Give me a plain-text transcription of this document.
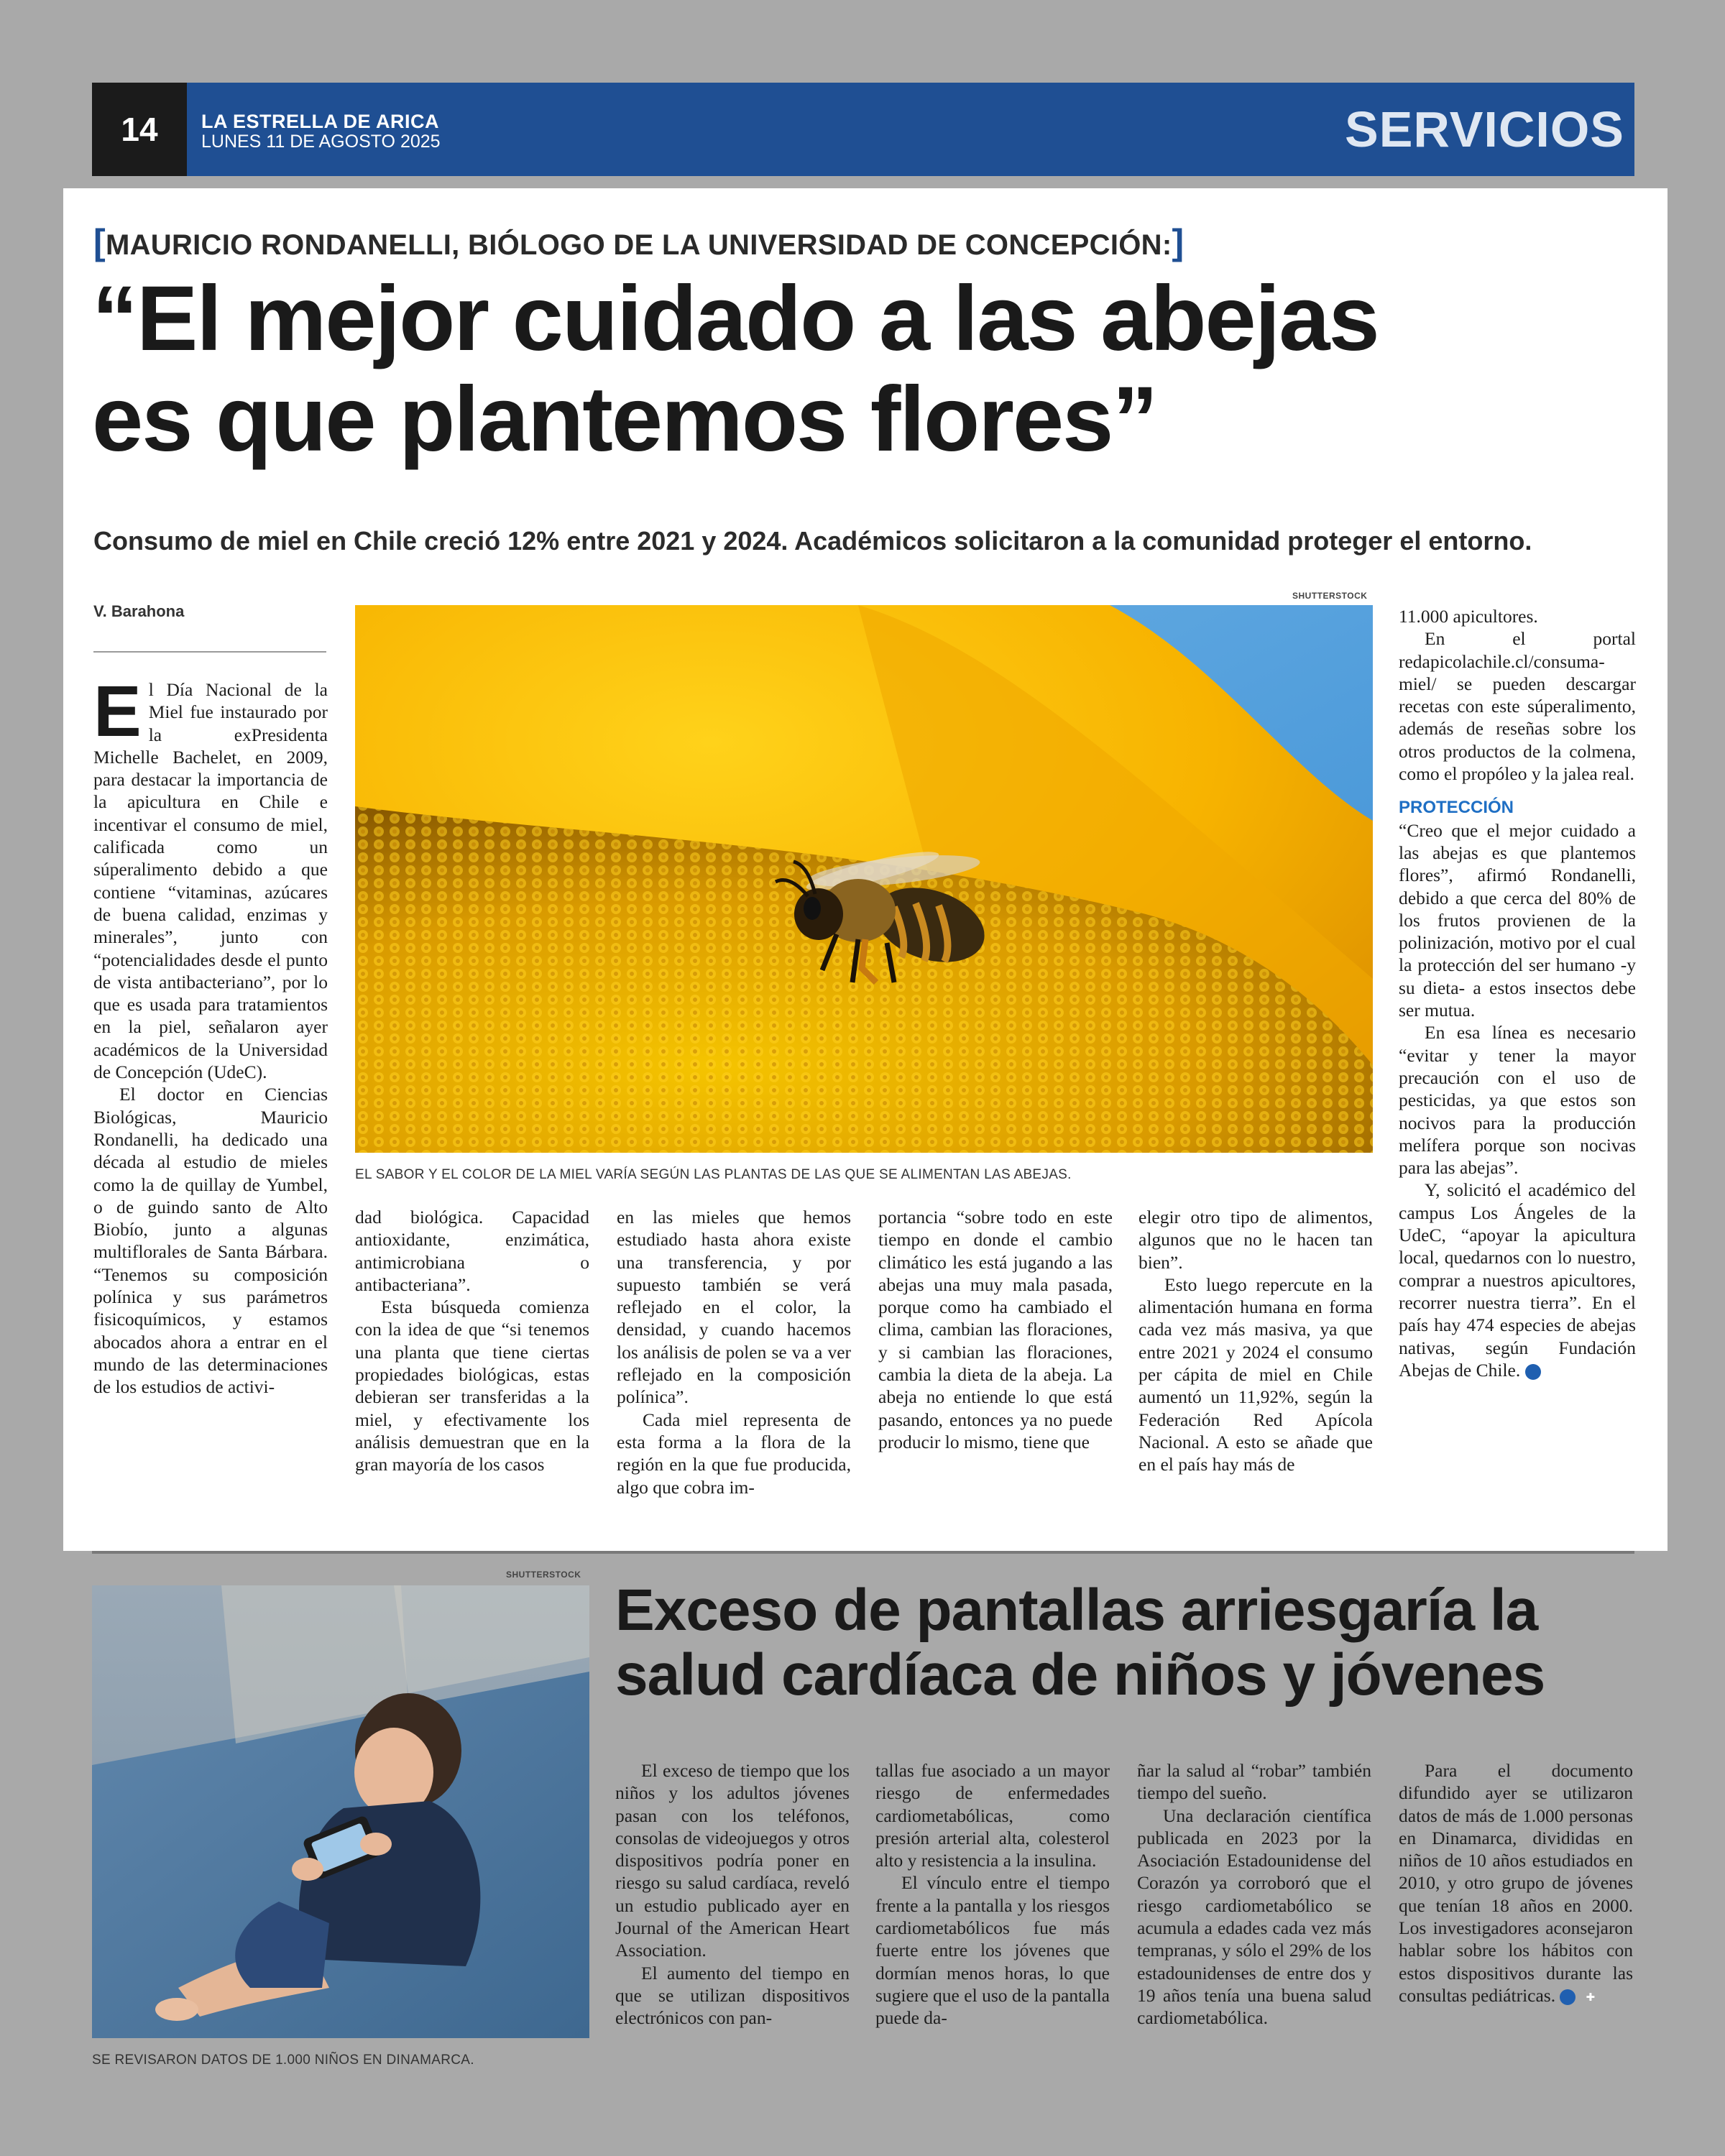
14	LA ESTRELLA DE ARICA
LUNES 11 DE AGOSTO 2025	SERVICIOS
[MAURICIO RONDANELLI, BIÓLOGO DE LA UNIVERSIDAD DE CONCEPCIÓN:]
“El mejor cuidado a las abejas
es que plantemos flores”
Consumo de miel en Chile creció 12% entre 2021 y 2024. Académicos solicitaron a la comunidad proteger el entorno.
V. Barahona
SHUTTERSTOCK
EL SABOR Y EL COLOR DE LA MIEL VARÍA SEGÚN LAS PLANTAS DE LAS QUE SE ALIMENTAN LAS ABEJAS.

El Día Nacional de la Miel fue instaurado por la exPresidenta Michelle Bachelet, en 2009, para destacar la importancia de la apicultura en Chile e incentivar el consumo de miel, calificada como un súperalimento debido a que contiene “vitaminas, azúcares de buena calidad, enzimas y minerales”, junto con “potencialidades desde el punto de vista antibacteriano”, por lo que es usada para tratamientos en la piel, señalaron ayer académicos de la Universidad de Concepción (UdeC).

El doctor en Ciencias Biológicas, Mauricio Rondanelli, ha dedicado una década al estudio de mieles como la de quillay de Yumbel, o de guindo santo de Alto Biobío, junto a algunas multiflorales de Santa Bárbara. “Tenemos su composición polínica y sus parámetros fisicoquímicos, y estamos abocados ahora a entrar en el mundo de las determinaciones de los estudios de activi-

dad biológica. Capacidad antioxidante, enzimática, antimicrobiana o antibacteriana”.

Esta búsqueda comienza con la idea de que “si tenemos una planta que tiene ciertas propiedades biológicas, estas debieran ser transferidas a la miel, y efectivamente los análisis demuestran que en la gran mayoría de los casos

en las mieles que hemos estudiado hasta ahora existe una transferencia, y por supuesto también se verá reflejado en el color, la densidad, y cuando hacemos los análisis de polen se va a ver reflejado en la composición polínica”.

Cada miel representa de esta forma a la flora de la región en la que fue producida, algo que cobra im-

portancia “sobre todo en este tiempo en donde el cambio climático les está jugando a las abejas una muy mala pasada, porque como ha cambiado el clima, cambian las floraciones, y si cambian las floraciones, cambia la dieta de la abeja. La abeja no entiende lo que está pasando, entonces ya no puede producir lo mismo, tiene que

elegir otro tipo de alimentos, algunos que no le hacen tan bien”.

Esto luego repercute en la alimentación humana en forma cada vez más masiva, ya que entre 2021 y 2024 el consumo per cápita de miel en Chile aumentó un 11,92%, según la Federación Red Apícola Nacional. A esto se añade que en el país hay más de

11.000 apicultores.

En el portal redapicolachile.cl/consuma-miel/ se pueden descargar recetas con este súperalimento, además de reseñas sobre los otros productos de la colmena, como el propóleo y la jalea real.

PROTECCIÓN

“Creo que el mejor cuidado a las abejas es que plantemos flores”, afirmó Rondanelli, debido a que cerca del 80% de los frutos provienen de la polinización, motivo por el cual la protección del ser humano -y su dieta- a estos insectos debe ser mutua.

En esa línea es necesario “evitar y tener la mayor precaución con el uso de pesticidas, ya que estos son nocivos para la producción melífera porque son nocivas para las abejas”.

Y, solicitó el académico del campus Los Ángeles de la UdeC, “apoyar la apicultura local, quedarnos con lo nuestro, comprar a nuestros apicultores, recorrer nuestra tierra”. En el país hay 474 especies de abejas nativas, según Fundación Abejas de Chile.	✚

SHUTTERSTOCK
SE REVISARON DATOS DE 1.000 NIÑOS EN DINAMARCA.
Exceso de pantallas arriesgaría la
salud cardíaca de niños y jóvenes

El exceso de tiempo que los niños y los adultos jóvenes pasan con los teléfonos, consolas de videojuegos y otros dispositivos podría poner en riesgo su salud cardíaca, reveló un estudio publicado ayer en Journal of the American Heart Association.

El aumento del tiempo en que se utilizan dispositivos electrónicos con pan-

tallas fue asociado a un mayor riesgo de enfermedades cardiometabólicas, como presión arterial alta, colesterol alto y resistencia a la insulina.

El vínculo entre el tiempo frente a la pantalla y los riesgos cardiometabólicos fue más fuerte entre los jóvenes que dormían menos horas, lo que sugiere que el uso de la pantalla puede da-

ñar la salud al “robar” también tiempo del sueño.

Una declaración científica publicada en 2023 por la Asociación Estadounidense del Corazón ya corroboró que el riesgo cardiometabólico se acumula a edades cada vez más tempranas, y sólo el 29% de los estadounidenses de entre dos y 19 años tenía una buena salud cardiometabólica.

Para el documento difundido ayer se utilizaron datos de más de 1.000 personas en Dinamarca, divididas en niños de 10 años estudiados en 2010, y otro grupo de jóvenes que tenían 18 años en 2000. Los investigadores aconsejaron hablar sobre los hábitos con estos dispositivos durante las consultas pediátricas.	✚
